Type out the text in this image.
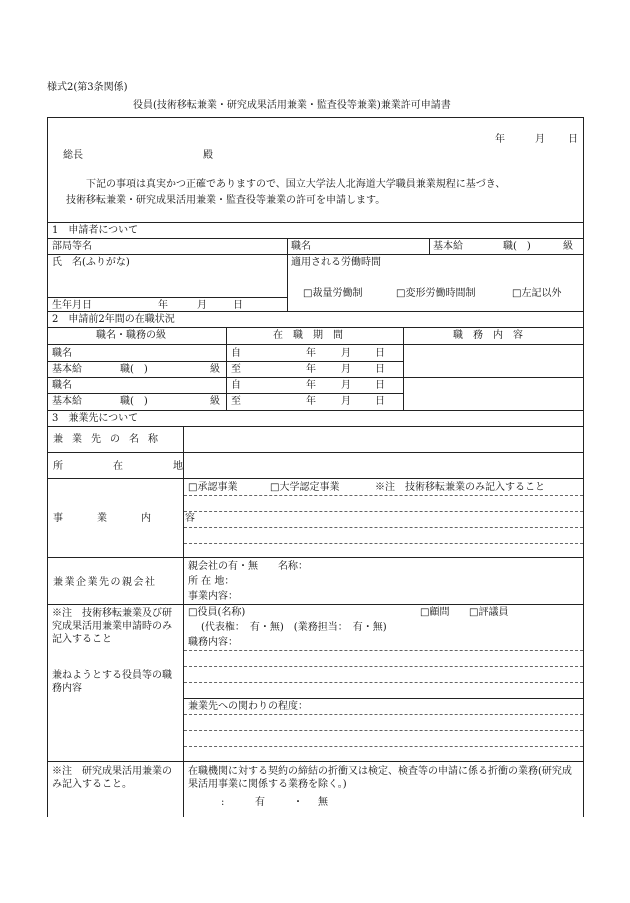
様式2(第3条関係)
役員(技術移転兼業・研究成果活用兼業・監査役等兼業)兼業許可申請書
年	月 日
総長	殿
下記の事項は真実かつ正確でありますので、国立大学法人北海道大学職員兼業規程に基づき、
技術移転兼業・研究成果活用兼業・監査役等兼業の許可を申請します。
1　申請者について
部局等名	職名	基本給	職(　)	級
氏　名(ふりがな)	適用される労働時間
□裁量労働制	□変形労働時間制	□左記以外
生年月日	年	月	日
2　申請前2年間の在職状況
職名・職務の級	在　職　期　間	職　務　内　容
職名	自	年	月 日
基本給	職(　)	級 至	年	月 日
職名	自	年	月 日
基本給	職(　)	級 至	年	月 日
3　兼業先について
兼業先の名称
所　在　地
□承認事業	□大学認定事業	※注　技術移転兼業のみ記入すること
事　業　内　容
兼業企業先の親会社
親会社の有・無　　名称：
所 在 地：
事業内容：
※注　技術移転兼業及び研究成果活用兼業申請時のみ記入すること
兼ねようとする役員等の職務内容
□役員(名称)	□顧問 □評議員
(代表権：　有・無)　(業務担当：　有・無)
職務内容：
兼業先への関わりの程度：
※注　研究成果活用兼業のみ記入すること。
在職機関に対する契約の締結の折衝又は検定、検査等の申請に係る折衝の業務(研究成果活用事業に関係する業務を除く。)
:	有	・ 無
